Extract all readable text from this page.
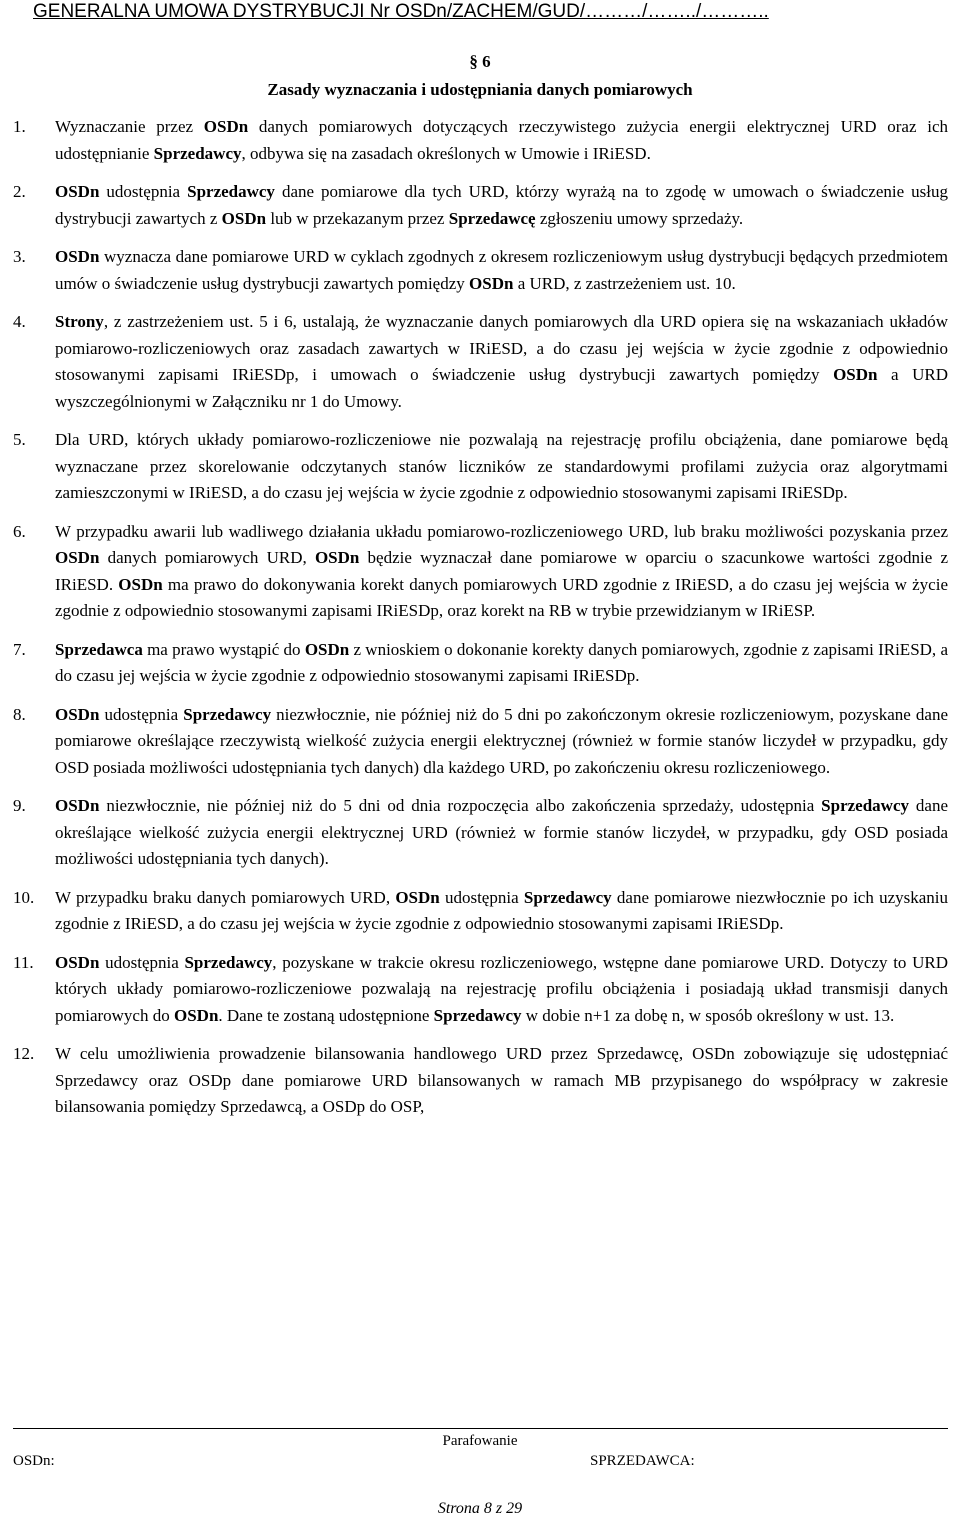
GENERALNA UMOWA DYSTRYBUCJI Nr OSDn/ZACHEM/GUD/………/……../………..
§ 6
Zasady wyznaczania i udostępniania danych pomiarowych
1.	Wyznaczanie przez OSDn danych pomiarowych dotyczących rzeczywistego zużycia energii elektrycznej URD oraz ich udostępnianie Sprzedawcy, odbywa się na zasadach określonych w Umowie i IRiESD.
2.	OSDn udostępnia Sprzedawcy dane pomiarowe dla tych URD, którzy wyrażą na to zgodę w umowach o świadczenie usług dystrybucji zawartych z OSDn lub w przekazanym przez Sprzedawcę zgłoszeniu umowy sprzedaży.
3.	OSDn wyznacza dane pomiarowe URD w cyklach zgodnych z okresem rozliczeniowym usług dystrybucji będących przedmiotem umów o świadczenie usług dystrybucji zawartych pomiędzy OSDn a URD, z zastrzeżeniem ust. 10.
4.	Strony, z zastrzeżeniem ust. 5 i 6, ustalają, że wyznaczanie danych pomiarowych dla URD opiera się na wskazaniach układów pomiarowo-rozliczeniowych oraz zasadach zawartych w IRiESD, a do czasu jej wejścia w życie zgodnie z odpowiednio stosowanymi zapisami IRiESDp, i umowach o świadczenie usług dystrybucji zawartych pomiędzy OSDn a URD wyszczególnionymi w Załączniku nr 1 do Umowy.
5.	Dla URD, których układy pomiarowo-rozliczeniowe nie pozwalają na rejestrację profilu obciążenia, dane pomiarowe będą wyznaczane przez skorelowanie odczytanych stanów liczników ze standardowymi profilami zużycia oraz algorytmami zamieszczonymi w IRiESD, a do czasu jej wejścia w życie zgodnie z odpowiednio stosowanymi zapisami IRiESDp.
6.	W przypadku awarii lub wadliwego działania układu pomiarowo-rozliczeniowego URD, lub braku możliwości pozyskania przez OSDn danych pomiarowych URD, OSDn będzie wyznaczał dane pomiarowe w oparciu o szacunkowe wartości zgodnie z IRiESD. OSDn ma prawo do dokonywania korekt danych pomiarowych URD zgodnie z IRiESD, a do czasu jej wejścia w życie zgodnie z odpowiednio stosowanymi zapisami IRiESDp, oraz korekt na RB w trybie przewidzianym w IRiESP.
7.	Sprzedawca ma prawo wystąpić do OSDn z wnioskiem o dokonanie korekty danych pomiarowych, zgodnie z zapisami IRiESD, a do czasu jej wejścia w życie zgodnie z odpowiednio stosowanymi zapisami IRiESDp.
8.	OSDn udostępnia Sprzedawcy niezwłocznie, nie później niż do 5 dni po zakończonym okresie rozliczeniowym, pozyskane dane pomiarowe określające rzeczywistą wielkość zużycia energii elektrycznej (również w formie stanów liczydeł w przypadku, gdy OSD posiada możliwości udostępniania tych danych) dla każdego URD, po zakończeniu okresu rozliczeniowego.
9.	OSDn niezwłocznie, nie później niż do 5 dni od dnia rozpoczęcia albo zakończenia sprzedaży, udostępnia Sprzedawcy dane określające wielkość zużycia energii elektrycznej URD (również w formie stanów liczydeł, w przypadku, gdy OSD posiada możliwości udostępniania tych danych).
10.	W przypadku braku danych pomiarowych URD, OSDn udostępnia Sprzedawcy dane pomiarowe niezwłocznie po ich uzyskaniu zgodnie z IRiESD, a do czasu jej wejścia w życie zgodnie z odpowiednio stosowanymi zapisami IRiESDp.
11.	OSDn udostępnia Sprzedawcy, pozyskane w trakcie okresu rozliczeniowego, wstępne dane pomiarowe URD. Dotyczy to URD których układy pomiarowo-rozliczeniowe pozwalają na rejestrację profilu obciążenia i posiadają układ transmisji danych pomiarowych do OSDn. Dane te zostaną udostępnione Sprzedawcy w dobie n+1 za dobę n, w sposób określony w ust. 13.
12.	W celu umożliwienia prowadzenie bilansowania handlowego URD przez Sprzedawcę, OSDn zobowiązuje się udostępniać Sprzedawcy oraz OSDp dane pomiarowe URD bilansowanych w ramach MB przypisanego do współpracy w zakresie bilansowania pomiędzy Sprzedawcą, a OSDp do OSP,
Parafowanie
OSDn:	SPRZEDAWCA:
Strona 8 z 29
